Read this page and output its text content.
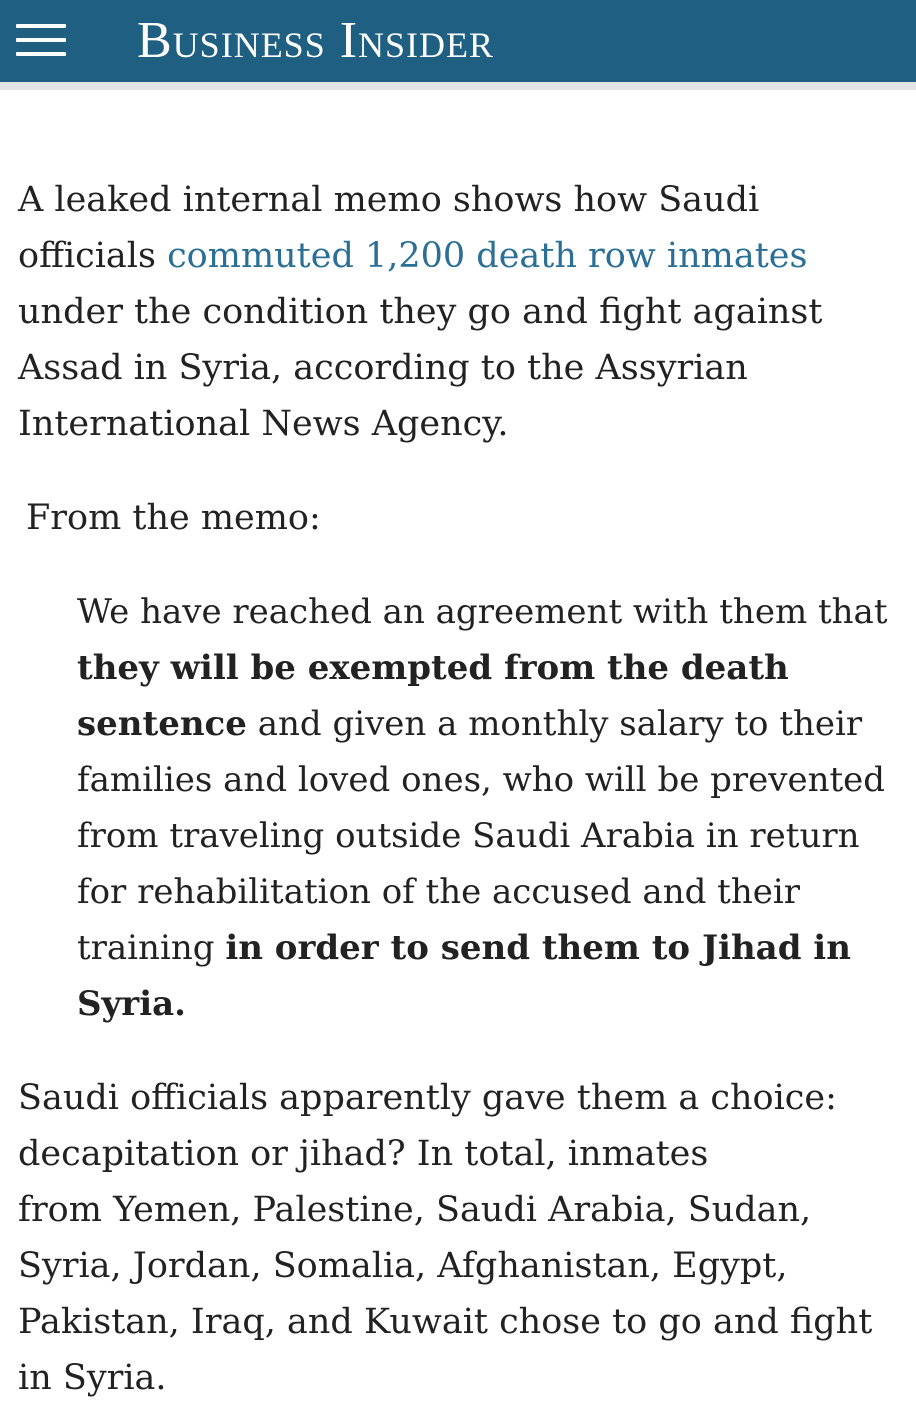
Business Insider

A leaked internal memo shows how Saudi officials commuted 1,200 death row inmates under the condition they go and fight against Assad in Syria, according to the Assyrian International News Agency.

From the memo:

We have reached an agreement with them that they will be exempted from the death sentence and given a monthly salary to their families and loved ones, who will be prevented from traveling outside Saudi Arabia in return for rehabilitation of the accused and their training in order to send them to Jihad in Syria.

Saudi officials apparently gave them a choice: decapitation or jihad? In total, inmates
from Yemen, Palestine, Saudi Arabia, Sudan, Syria, Jordan, Somalia, Afghanistan, Egypt, Pakistan, Iraq, and Kuwait chose to go and fight in Syria.
